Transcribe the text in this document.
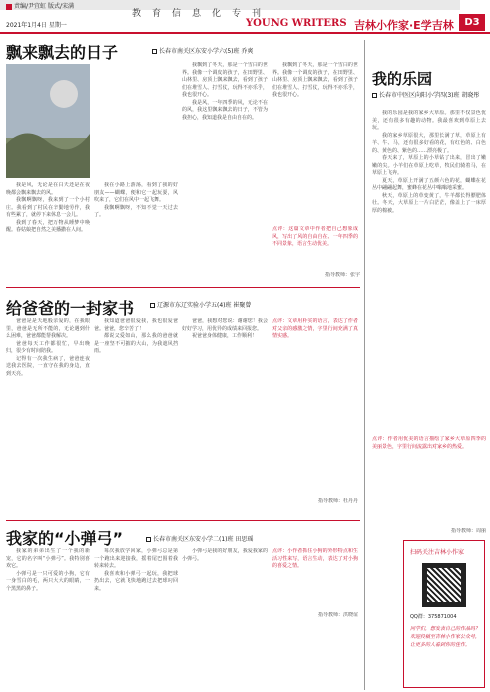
教育信息化专刊
责编/尹宜虹 版式/宋满
2021年1月4日 星期一	YOUNG WRITERS 吉林小作家·E学吉林	D3
飘来飘去的日子	长春市南关区东安小学六(5)班 乔爽

我是风，无论是在白天还是在夜晚都会飘来飘去的风。

我飘啊飘呀，我来到了一个小村庄。我看到了村民在辛勤地劳作，我有些累了，就停下来休息一会儿。

我到了春天，把万物从睡梦中唤醒。春姑娘把自然之美播撒在人间。

我在小路上游荡，看到了我的好朋友——蝴蝶，便和它一起玩耍，风吹来了，它们在风中一起飞舞。

我飘啊飘呀，不知不觉一天过去了。

我飘到了冬天，那是一个雪白的世界。我像一个调皮的孩子，在田野里、山林里、房顶上飘来飘去，看到了孩子们在堆雪人、打雪仗，玩得不亦乐乎，我也很开心。

我是风，一年四季的风，无论不在的风，我这里飘来飘去的日子，不管为我担心，我知道我是自由自在的。

我飘到了冬天，那是一个雪白的世界。我像一个调皮的孩子，在田野里、山林里、房顶上飘来飘去，看到了孩子们在堆雪人、打雪仗，玩得不亦乐乎，我也很开心。

点评：这篇文章中作者把自己想象成风，写出了风的自由自在、一年四季的不同景象，语言生动优美。
指导教师：张宇
我的乐园
长春市中医区向阳小学四(3)班 胡晓彤

我的乐园是我的家乡大草原。那里不仅景色优美，还有很多有趣的动物。我最喜欢到草原上去玩。

我的家乡草原很大，那里长满了草，草原上有羊、牛、马，还有很多好看的花，有红色的、白色的、黄色的、紫色的……漂亮极了。

春天来了，草原上的小草钻了出来，冒出了嫩嫩的尖。小羊们在草原上吃草，牧民们骑着马，在草原上飞奔。

夏天，草原上开满了五颜六色的花，蝴蝶在花丛中翩翩起舞，蜜蜂在花丛中嗡嗡地采蜜。

秋天，草原上的草变黄了，牛羊都长得膘肥体壮。冬天，大草原上一片白茫茫，像盖上了一床厚厚的棉被。

点评：作者用优美的语言描绘了家乡大草原四季的美丽景色，字里行间流露出对家乡的热爱。
指导教师：周丽
给爸爸的一封家书	辽源市东辽实验小学五(4)班 崔聚曾

爸爸是是天地般亲爱的，在我眼里，爸爸是无所不能的，无论遇到什么困难，爸爸都能帮我解决。

爸爸每天工作都很忙，早出晚归，很少有时间陪我。

记得有一次我生病了，爸爸连夜送我去医院，一直守在我的身边，直到天亮。

我知道爸爸很爱我，我也很爱爸爸。爸爸，您辛苦了！

都说父爱如山，那么我的爸爸就是一座坚不可摧的大山，为我遮风挡雨。

爸爸，我想对您说：谢谢您！我会好好学习，用优异的成绩来回报您。

祝爸爸身体健康，工作顺利！

点评：文章用朴实的语言，表达了作者对父亲的感激之情，字里行间充满了真情实感。
指导教师：杜丹丹
我家的“小弹弓”	长春市南关区东安小学二(1)班 田思瑶

我家的弟弟出生了一个我的新宠，它的名字叫“小弹弓”。我特别喜欢它。

小弹弓是一只可爱的小狗，它有一身雪白的毛，两只大大的眼睛，一个黑黑的鼻子。

每次我放学回家，小弹弓总是第一个跑出来迎接我，摇着尾巴围着我转来转去。

我喜欢和小弹弓一起玩，我把球扔出去，它就飞快地跑过去把球叼回来。

小弹弓是我的好朋友，我爱我家的小弹弓。

点评：小作者抓住小狗的外形特点和生活习性来写，语言生动，表达了对小狗的喜爱之情。
指导教师：洪晓谊
扫码关注吉林小作家
QQ群：375871004
同学们，想发表自己的作品吗？欢迎投稿至吉林小作家公众号，让更多的人看到你的佳作。
